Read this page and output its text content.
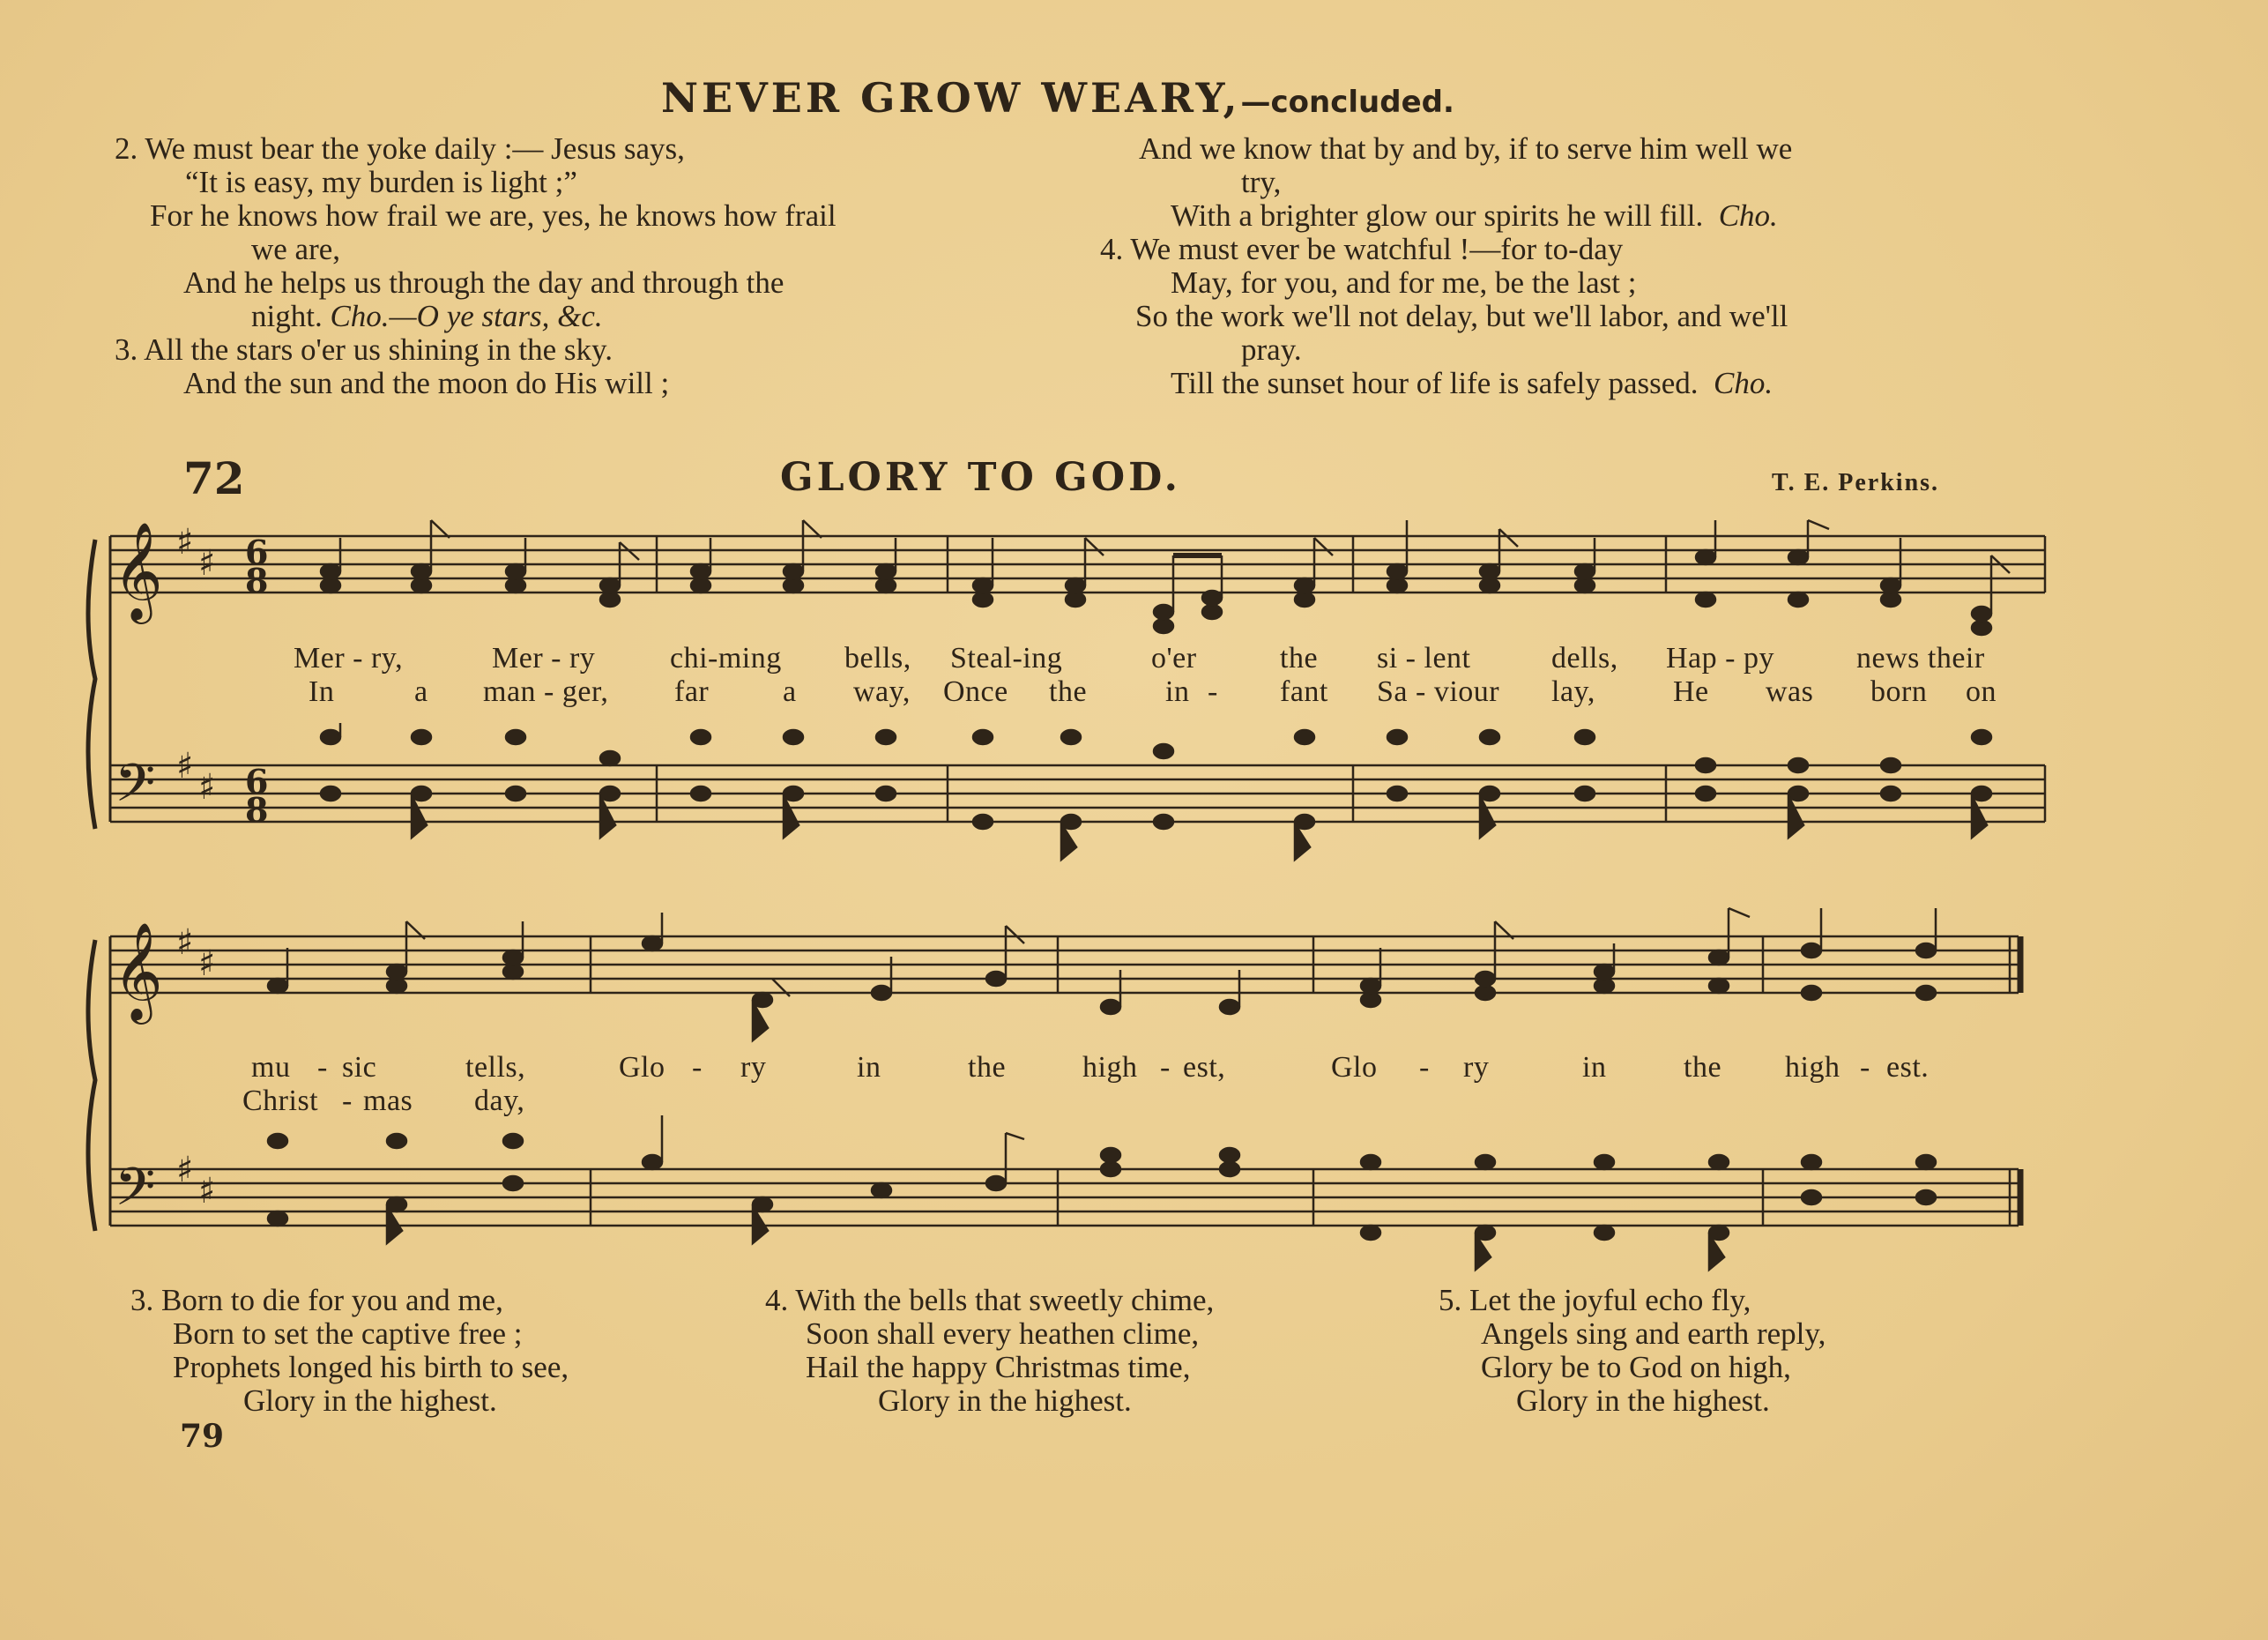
NEVER GROW WEARY,—concluded.
2. We must bear the yoke daily :— Jesus says,
“It is easy, my burden is light ;”
For he knows how frail we are, yes, he knows how frail
we are,
And he helps us through the day and through the
night. Cho.—O ye stars, &c.
3. All the stars o'er us shining in the sky.
And the sun and the moon do His will ;
And we know that by and by, if to serve him well we
try,
With a brighter glow our spirits he will fill. Cho.
4. We must ever be watchful !—for to-day
May, for you, and for me, be the last ;
So the work we'll not delay, but we'll labor, and we'll
pray.
Till the sunset hour of life is safely passed. Cho.
72	GLORY TO GOD.	T. E. Perkins.
𝄞
𝄢
𝄞
𝄢
♯
♯
♯
♯
♯
♯
♯
♯
6
8
6
8
Mer - ry,	Mer - ry chi-ming bells, Steal-ing	o'er	the si - lent	dells, Hap - py	news their
In	a man - ger, far a way, Once the	in - fant Sa - viour lay,	He was born on
mu - sic	tells,	Glo - ry	in	the	high - est,	Glo - ry	in	the high - est.
Christ - mas day,
3. Born to die for you and me,
Born to set the captive free ;
Prophets longed his birth to see,
Glory in the highest.
4. With the bells that sweetly chime,
Soon shall every heathen clime,
Hail the happy Christmas time,
Glory in the highest.
5. Let the joyful echo fly,
Angels sing and earth reply,
Glory be to God on high,
Glory in the highest.
79
